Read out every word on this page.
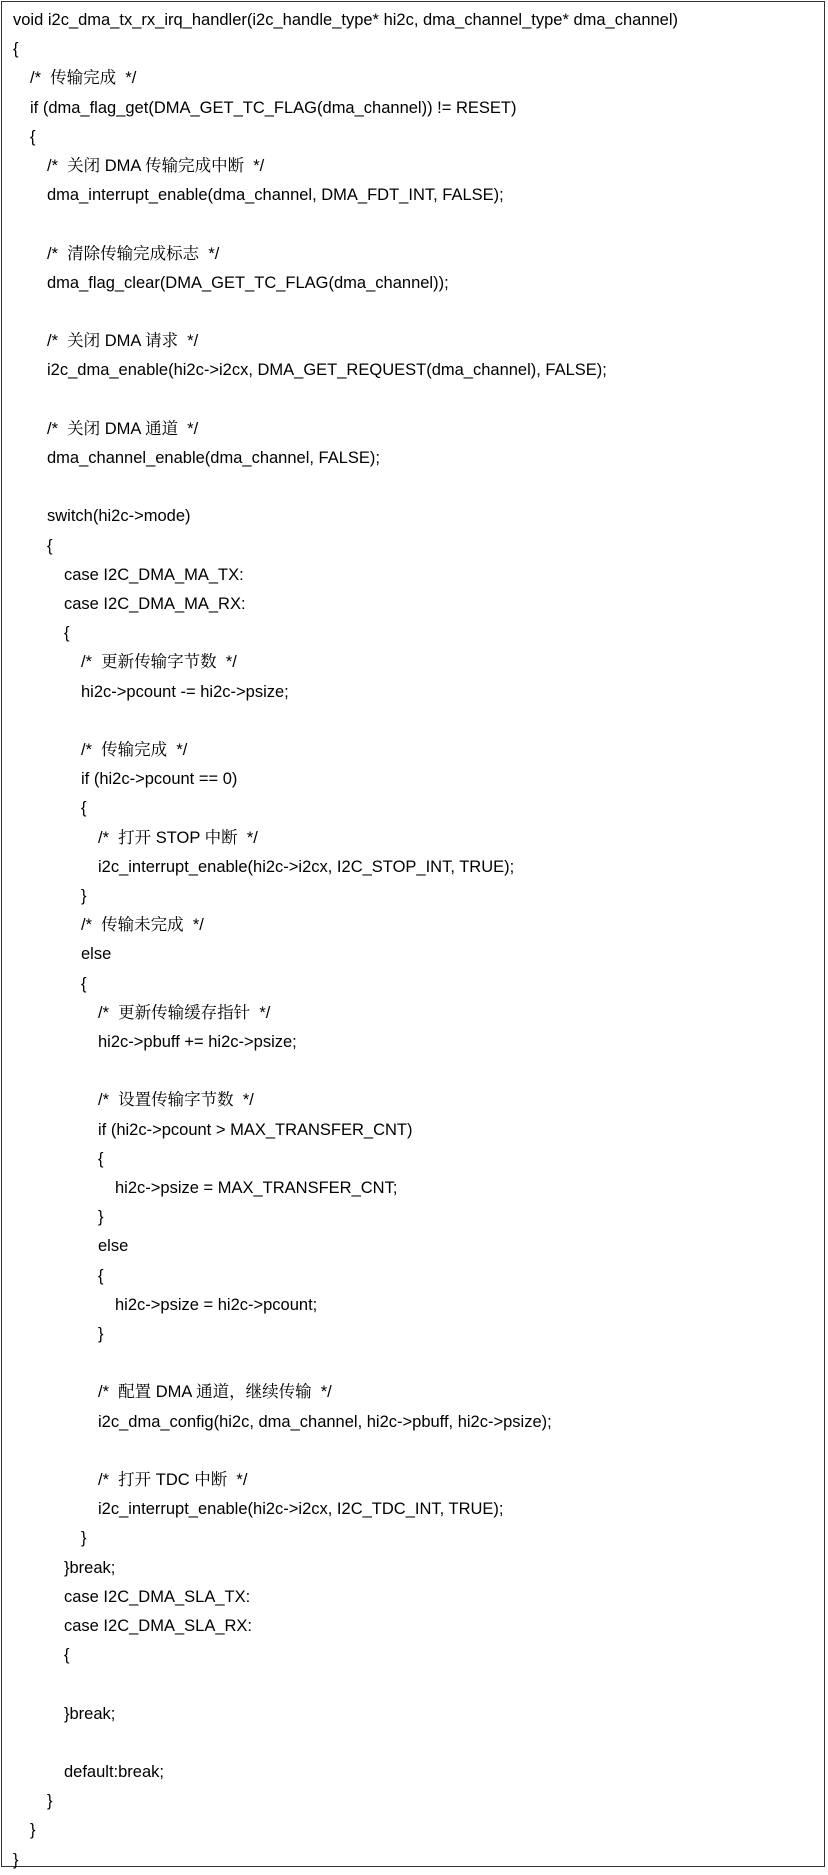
void i2c_dma_tx_rx_irq_handler(i2c_handle_type* hi2c, dma_channel_type* dma_channel)
{
/*  传输完成  */
if (dma_flag_get(DMA_GET_TC_FLAG(dma_channel)) != RESET)
{
/*  关闭 DMA 传输完成中断  */
dma_interrupt_enable(dma_channel, DMA_FDT_INT, FALSE);
/*  清除传输完成标志  */
dma_flag_clear(DMA_GET_TC_FLAG(dma_channel));
/*  关闭 DMA 请求  */
i2c_dma_enable(hi2c->i2cx, DMA_GET_REQUEST(dma_channel), FALSE);
/*  关闭 DMA 通道  */
dma_channel_enable(dma_channel, FALSE);
switch(hi2c->mode)
{
case I2C_DMA_MA_TX:
case I2C_DMA_MA_RX:
{
/*  更新传输字节数  */
hi2c->pcount -= hi2c->psize;
/*  传输完成  */
if (hi2c->pcount == 0)
{
/*  打开 STOP 中断  */
i2c_interrupt_enable(hi2c->i2cx, I2C_STOP_INT, TRUE);
}
/*  传输未完成  */
else
{
/*  更新传输缓存指针  */
hi2c->pbuff += hi2c->psize;
/*  设置传输字节数  */
if (hi2c->pcount > MAX_TRANSFER_CNT)
{
hi2c->psize = MAX_TRANSFER_CNT;
}
else
{
hi2c->psize = hi2c->pcount;
}
/*  配置 DMA 通道，继续传输  */
i2c_dma_config(hi2c, dma_channel, hi2c->pbuff, hi2c->psize);
/*  打开 TDC 中断  */
i2c_interrupt_enable(hi2c->i2cx, I2C_TDC_INT, TRUE);
}
}break;
case I2C_DMA_SLA_TX:
case I2C_DMA_SLA_RX:
{
}break;
default:break;
}
}
}
